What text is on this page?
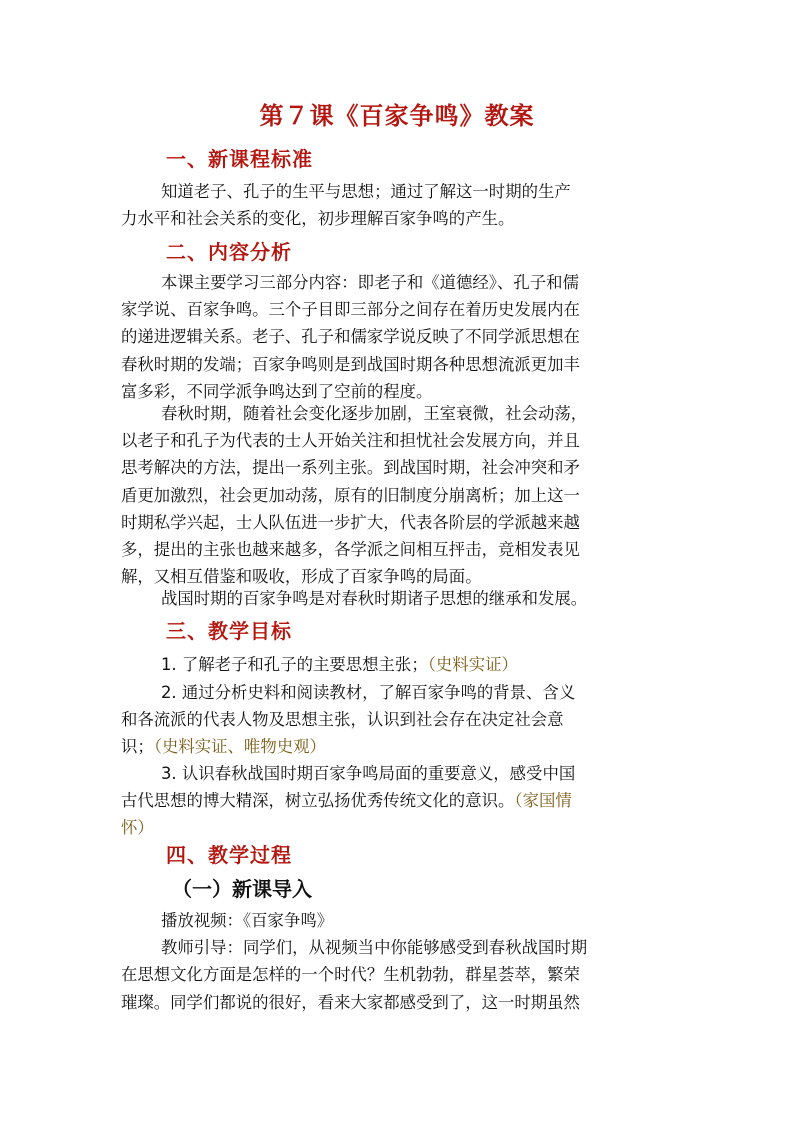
第７课《百家争鸣》教案
一、新课程标准
知道老子、孔子的生平与思想；通过了解这一时期的生产
力水平和社会关系的变化，初步理解百家争鸣的产生。
二、内容分析
本课主要学习三部分内容：即老子和《道德经》、孔子和儒
家学说、百家争鸣。三个子目即三部分之间存在着历史发展内在
的递进逻辑关系。老子、孔子和儒家学说反映了不同学派思想在
春秋时期的发端；百家争鸣则是到战国时期各种思想流派更加丰
富多彩，不同学派争鸣达到了空前的程度。
春秋时期，随着社会变化逐步加剧，王室衰微，社会动荡，
以老子和孔子为代表的士人开始关注和担忧社会发展方向，并且
思考解决的方法，提出一系列主张。到战国时期，社会冲突和矛
盾更加激烈，社会更加动荡，原有的旧制度分崩离析；加上这一
时期私学兴起，士人队伍进一步扩大，代表各阶层的学派越来越
多，提出的主张也越来越多，各学派之间相互抨击，竞相发表见
解，又相互借鉴和吸收，形成了百家争鸣的局面。
战国时期的百家争鸣是对春秋时期诸子思想的继承和发展。
三、教学目标
1. 了解老子和孔子的主要思想主张；（史料实证）
2. 通过分析史料和阅读教材，了解百家争鸣的背景、含义
和各流派的代表人物及思想主张，认识到社会存在决定社会意
识；（史料实证、唯物史观）
3. 认识春秋战国时期百家争鸣局面的重要意义，感受中国
古代思想的博大精深，树立弘扬优秀传统文化的意识。（家国情
怀）
四、教学过程
（一）新课导入
播放视频：《百家争鸣》
教师引导：同学们，从视频当中你能够感受到春秋战国时期
在思想文化方面是怎样的一个时代？生机勃勃，群星荟萃，繁荣
璀璨。同学们都说的很好，看来大家都感受到了，这一时期虽然
